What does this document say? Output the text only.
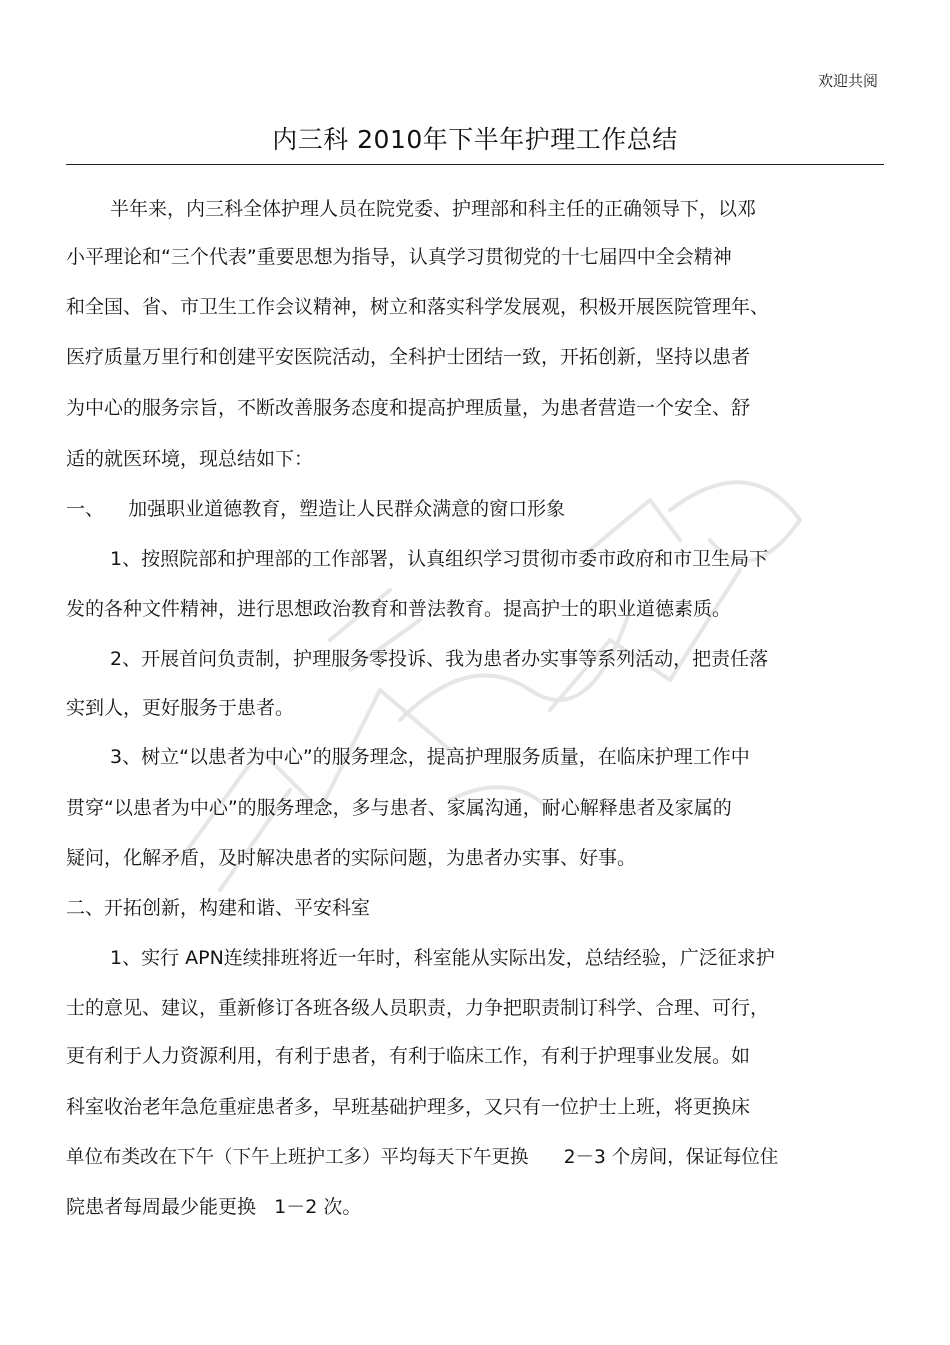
欢迎共阅
内三科 2010年下半年护理工作总结
半年来，内三科全体护理人员在院党委、护理部和科主任的正确领导下，以邓
小平理论和“三个代表”重要思想为指导，认真学习贯彻党的十七届四中全会精神
和全国、省、市卫生工作会议精神，树立和落实科学发展观，积极开展医院管理年、
医疗质量万里行和创建平安医院活动，全科护士团结一致，开拓创新，坚持以患者
为中心的服务宗旨，不断改善服务态度和提高护理质量，为患者营造一个安全、舒
适的就医环境，现总结如下：
一、    加强职业道德教育，塑造让人民群众满意的窗口形象
1、按照院部和护理部的工作部署，认真组织学习贯彻市委市政府和市卫生局下
发的各种文件精神，进行思想政治教育和普法教育。提高护士的职业道德素质。
2、开展首问负责制，护理服务零投诉、我为患者办实事等系列活动，把责任落
实到人，更好服务于患者。
3、树立“以患者为中心”的服务理念，提高护理服务质量，在临床护理工作中
贯穿“以患者为中心”的服务理念，多与患者、家属沟通，耐心解释患者及家属的
疑问，化解矛盾，及时解决患者的实际问题，为患者办实事、好事。
二、开拓创新，构建和谐、平安科室
1、实行 APN连续排班将近一年时，科室能从实际出发，总结经验，广泛征求护
士的意见、建议，重新修订各班各级人员职责，力争把职责制订科学、合理、可行，
更有利于人力资源利用，有利于患者，有利于临床工作，有利于护理事业发展。如
科室收治老年急危重症患者多，早班基础护理多，又只有一位护士上班，将更换床
单位布类改在下午（下午上班护工多）平均每天下午更换      2－3 个房间，保证每位住
院患者每周最少能更换   1－2 次。
